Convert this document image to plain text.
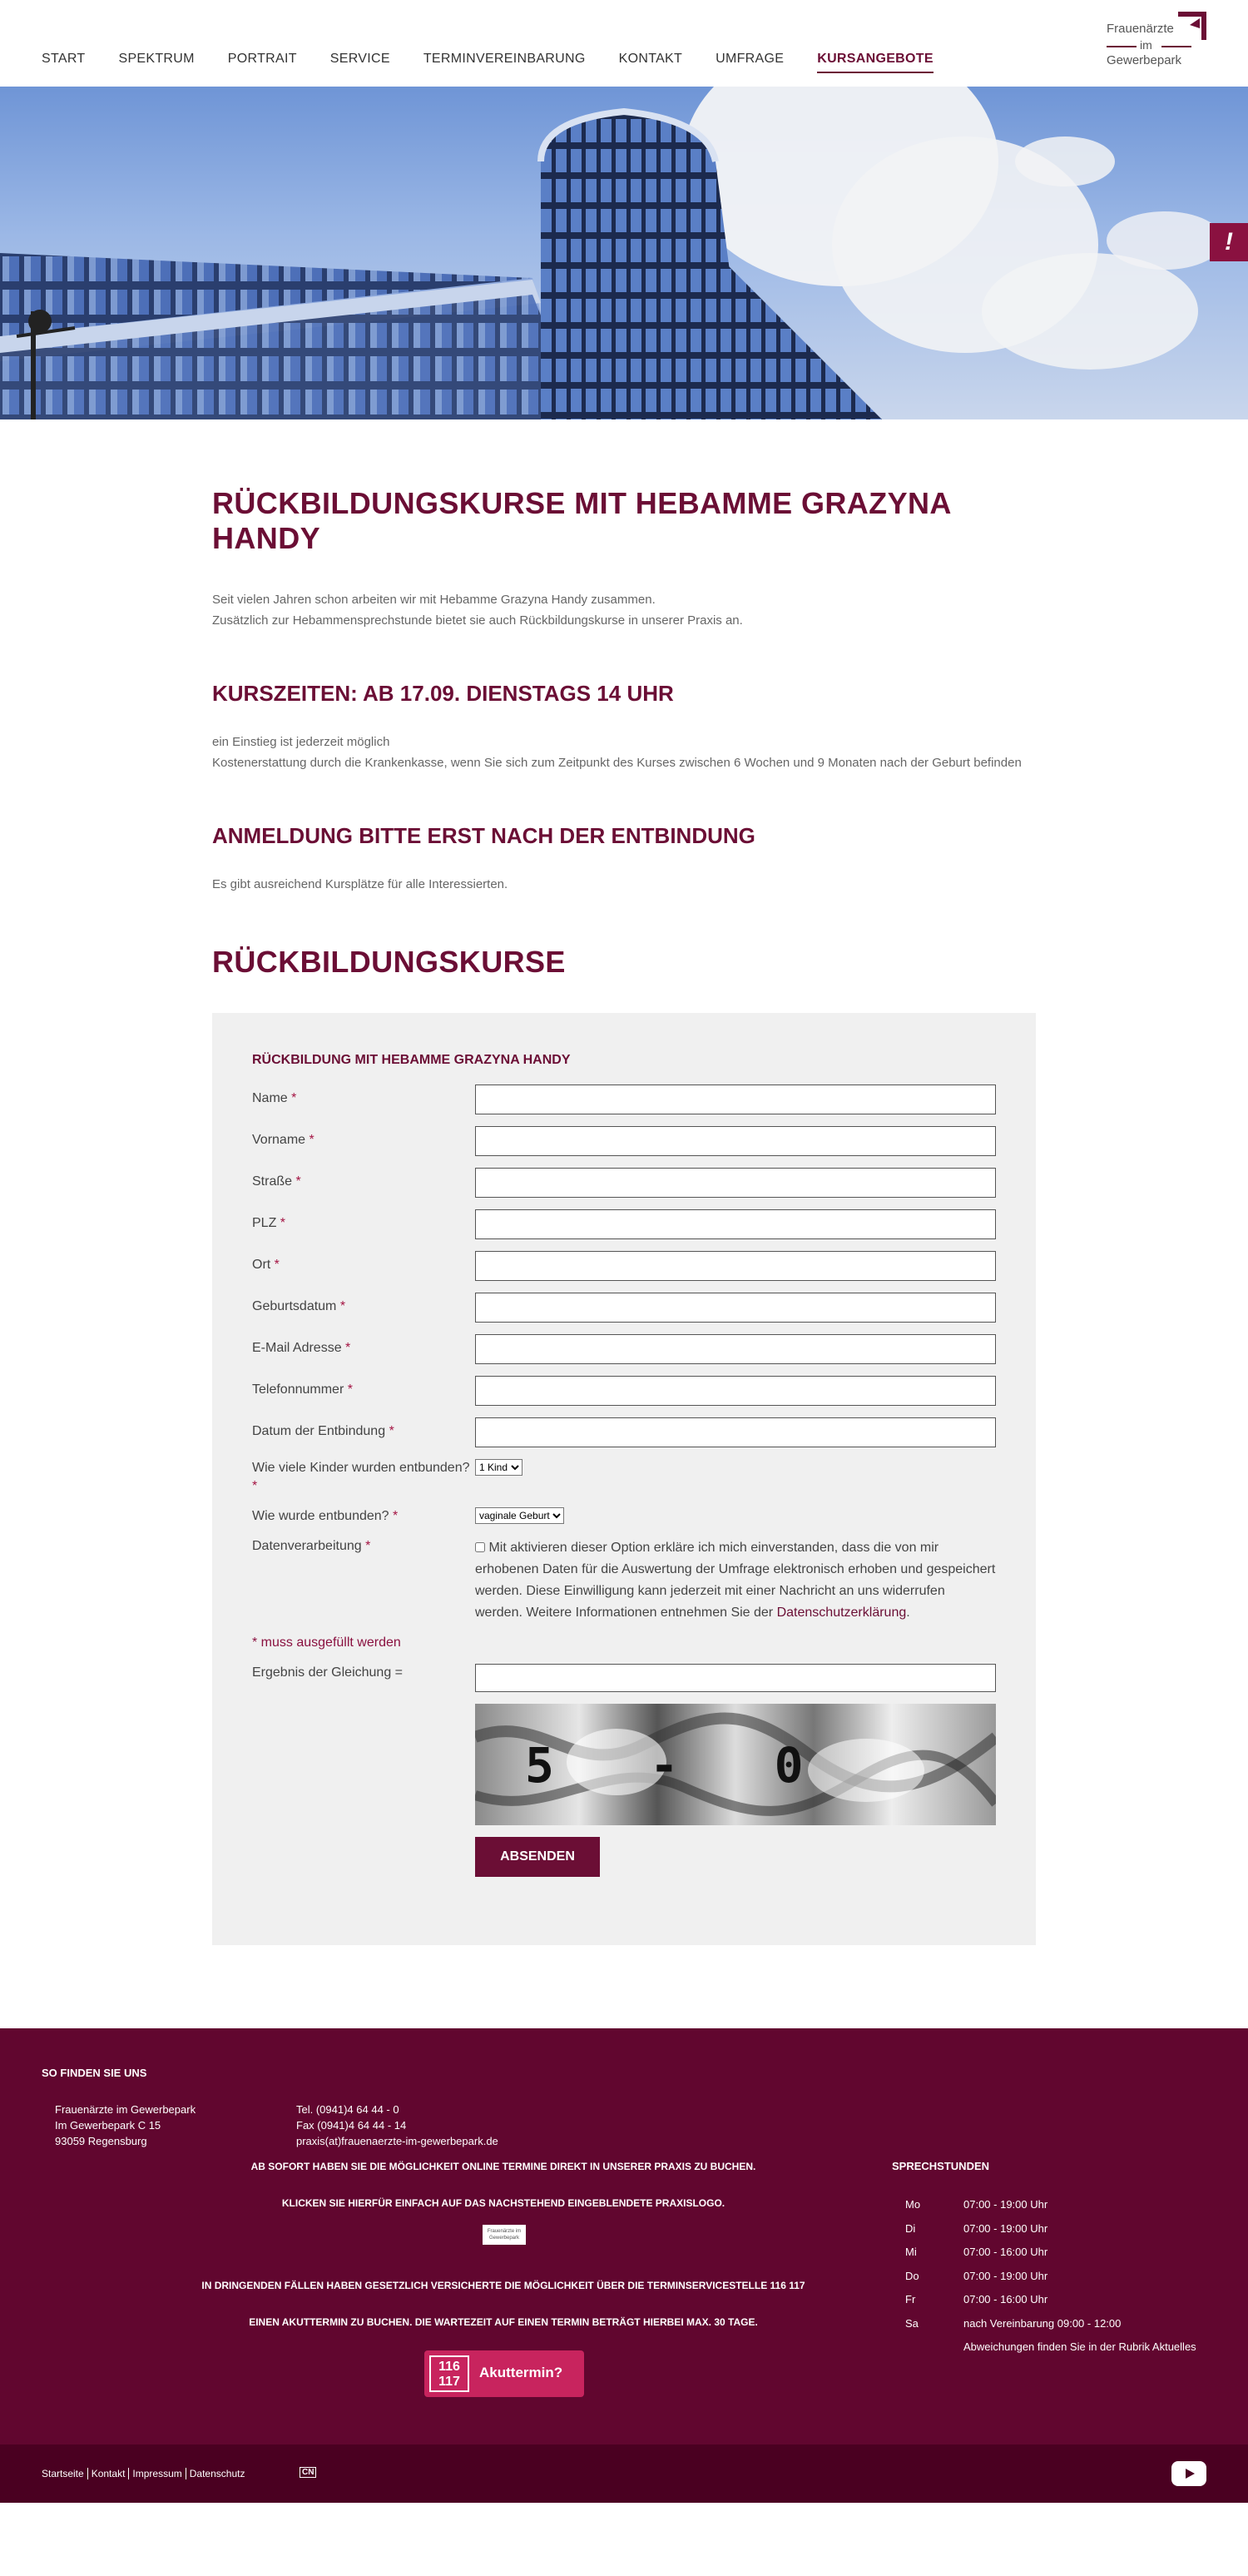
START	SPEKTRUM	PORTRAIT	SERVICE	TERMINVEREINBARUNG	KONTAKT	UMFRAGE	KURSANGEBOTE
Frauenärzte
im
Gewerbepark
!
RÜCKBILDUNGSKURSE MIT HEBAMME GRAZYNA HANDY

Seit vielen Jahren schon arbeiten wir mit Hebamme Grazyna Handy zusammen.

Zusätzlich zur Hebammensprechstunde bietet sie auch Rückbildungskurse in unserer Praxis an.

KURSZEITEN: AB 17.09. DIENSTAGS 14 UHR

ein Einstieg ist jederzeit möglich

Kostenerstattung durch die Krankenkasse, wenn Sie sich zum Zeitpunkt des Kurses zwischen 6 Wochen und 9 Monaten nach der Geburt befinden

ANMELDUNG BITTE ERST NACH DER ENTBINDUNG

Es gibt ausreichend Kursplätze für alle Interessierten.

RÜCKBILDUNGSKURSE
RÜCKBILDUNG MIT HEBAMME GRAZYNA HANDY
Name *
Vorname *
Straße *
PLZ *
Ort *
Geburtsdatum *
E-Mail Adresse *
Telefonnummer *
Datum der Entbindung *
Wie viele Kinder wurden entbunden? *
1 Kind
Wie wurde entbunden? *
vaginale Geburt
Datenverarbeitung *	Mit aktivieren dieser Option erkläre ich mich einverstanden, dass die von mir erhobenen Daten für die Auswertung der Umfrage elektronisch erhoben und gespeichert werden. Diese Einwilligung kann jederzeit mit einer Nachricht an uns widerrufen werden. Weitere Informationen entnehmen Sie der Datenschutzerklärung.
* muss ausgefüllt werden
Ergebnis der Gleichung =
5 - 0
ABSENDEN
SO FINDEN SIE UNS
Frauenärzte im Gewerbepark
Im Gewerbepark C 15
93059 Regensburg
Tel. (0941)4 64 44 - 0
Fax (0941)4 64 44 - 14
praxis(at)frauenaerzte-im-gewerbepark.de
AB SOFORT HABEN SIE DIE MÖGLICHKEIT ONLINE TERMINE DIREKT IN UNSERER PRAXIS ZU BUCHEN.
KLICKEN SIE HIERFÜR EINFACH AUF DAS NACHSTEHEND EINGEBLENDETE PRAXISLOGO.
Frauenärzte im Gewerbepark
IN DRINGENDEN FÄLLEN HABEN GESETZLICH VERSICHERTE DIE MÖGLICHKEIT ÜBER DIE TERMINSERVICESTELLE 116 117
EINEN AKUTTERMIN ZU BUCHEN. DIE WARTEZEIT AUF EINEN TERMIN BETRÄGT HIERBEI MAX. 30 TAGE.
116
117
Akuttermin?
SPRECHSTUNDEN
Mo	07:00 - 19:00 Uhr
Di	07:00 - 19:00 Uhr
Mi	07:00 - 16:00 Uhr
Do	07:00 - 19:00 Uhr
Fr	07:00 - 16:00 Uhr
Sa	nach Vereinbarung 09:00 - 12:00
Abweichungen finden Sie in der Rubrik Aktuelles
Startseite Kontakt Impressum Datenschutz	CN
